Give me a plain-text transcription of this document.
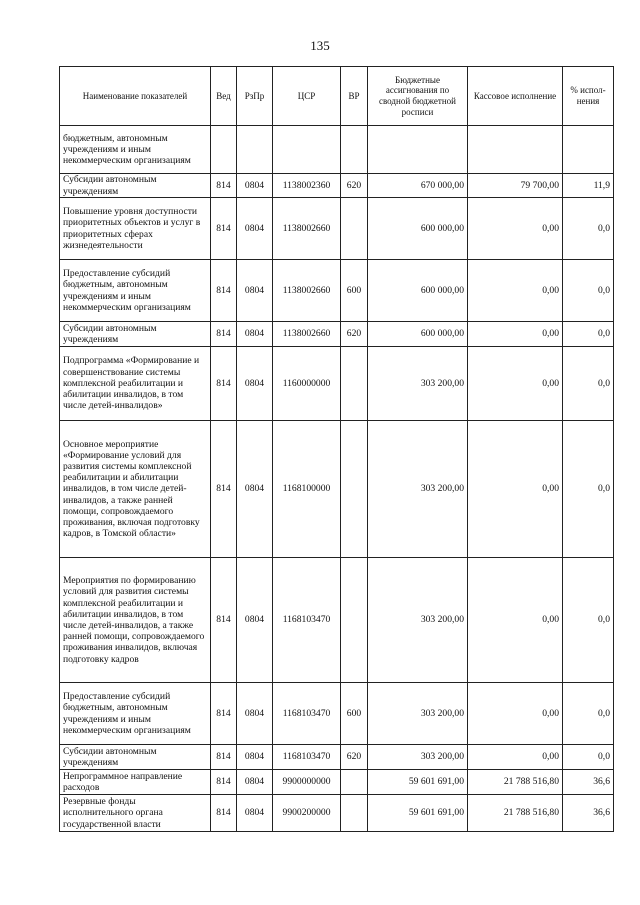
135
Наименование показателей	Вед	РзПр	ЦСР	ВР	Бюджетные ассигнования по сводной бюджетной росписи	Кассовое исполнение	% испол-нения
бюджетным, автономным учреждениям и иным некоммерческим организациям							
Субсидии автономным учреждениям	814	0804	1138002360	620	670 000,00	79 700,00	11,9
Повышение уровня доступности приоритетных объектов и услуг в приоритетных сферах жизнедеятельности	814	0804	1138002660		600 000,00	0,00	0,0
Предоставление субсидий бюджетным, автономным учреждениям и иным некоммерческим организациям	814	0804	1138002660	600	600 000,00	0,00	0,0
Субсидии автономным учреждениям	814	0804	1138002660	620	600 000,00	0,00	0,0
Подпрограмма «Формирование и совершенствование системы комплексной реабилитации и абилитации инвалидов, в том числе детей-инвалидов»	814	0804	1160000000		303 200,00	0,00	0,0
Основное мероприятие «Формирование условий для развития системы комплексной реабилитации и абилитации инвалидов, в том числе детей-инвалидов, а также ранней помощи, сопровождаемого проживания, включая подготовку кадров, в Томской области»	814	0804	1168100000		303 200,00	0,00	0,0
Мероприятия по формированию условий для развития системы комплексной реабилитации и абилитации инвалидов, в том числе детей-инвалидов, а также ранней помощи, сопровождаемого проживания инвалидов, включая подготовку кадров	814	0804	1168103470		303 200,00	0,00	0,0
Предоставление субсидий бюджетным, автономным учреждениям и иным некоммерческим организациям	814	0804	1168103470	600	303 200,00	0,00	0,0
Субсидии автономным учреждениям	814	0804	1168103470	620	303 200,00	0,00	0,0
Непрограммное направление расходов	814	0804	9900000000		59 601 691,00	21 788 516,80	36,6
Резервные фонды исполнительного органа государственной власти	814	0804	9900200000		59 601 691,00	21 788 516,80	36,6
